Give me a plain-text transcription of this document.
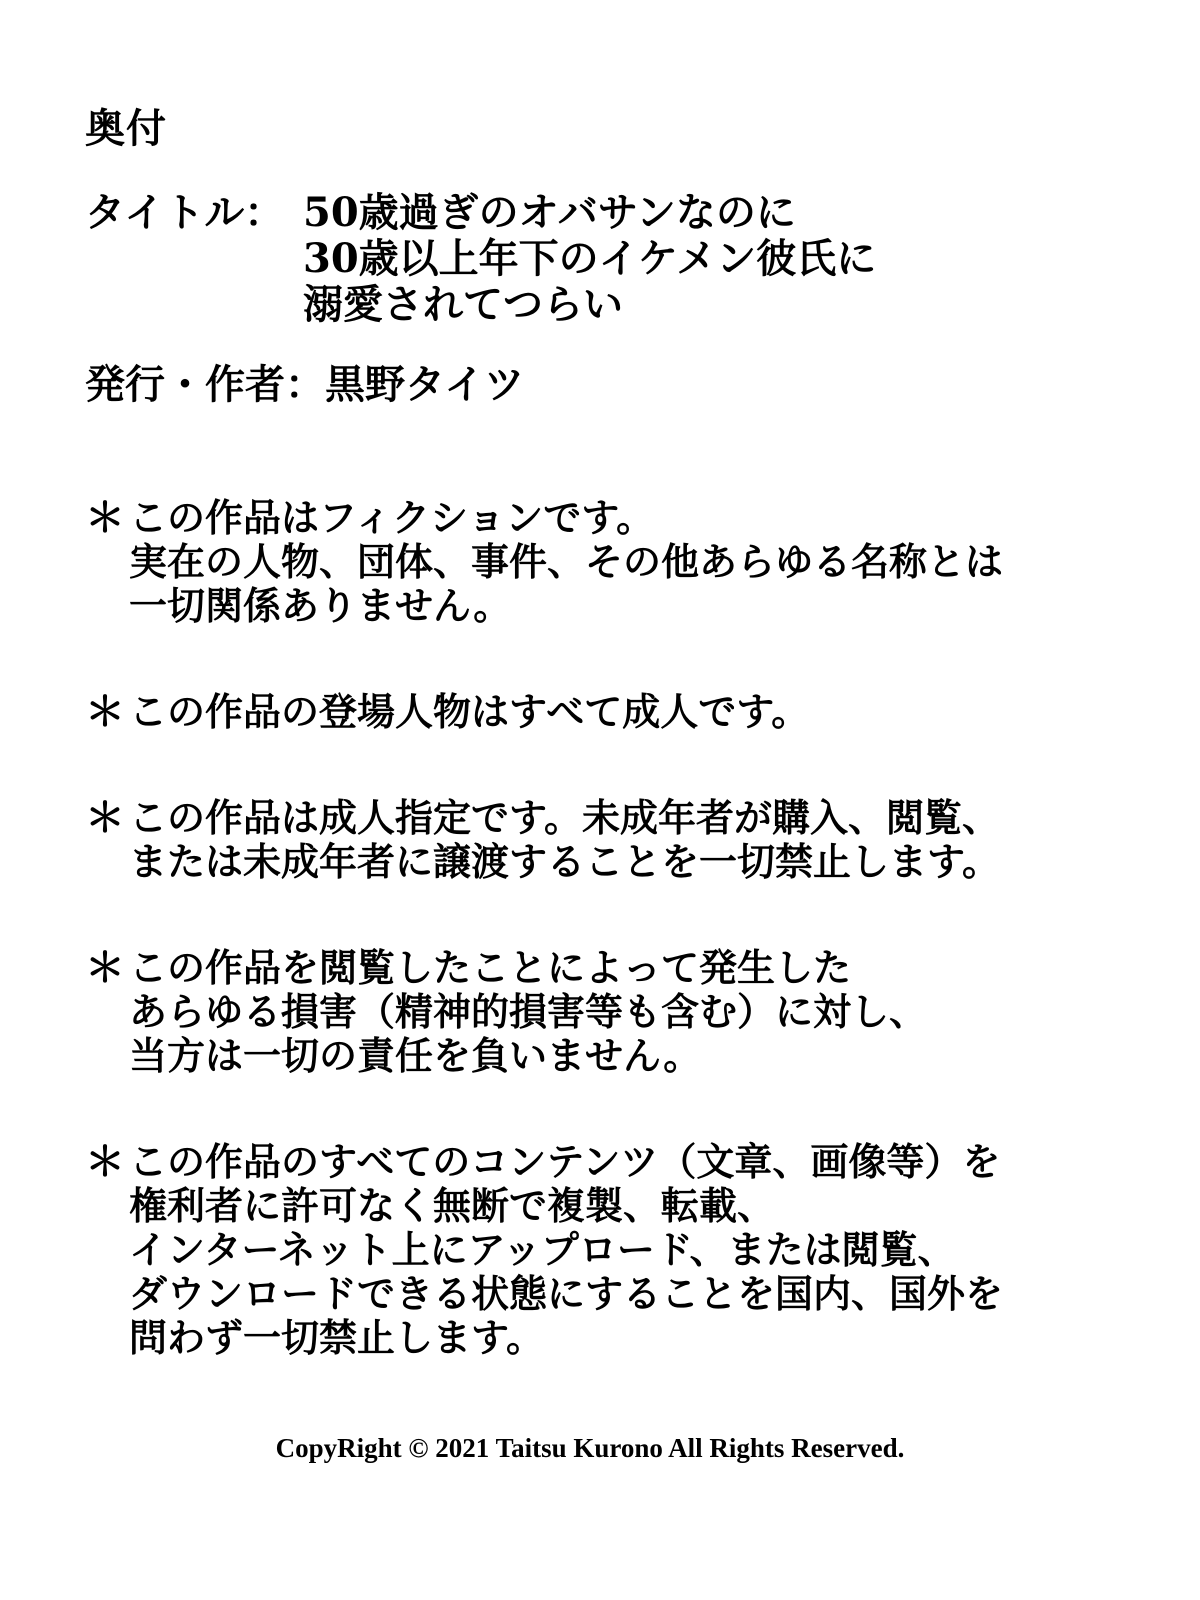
奥付
タイトル： 50歳過ぎのオバサンなのに
30歳以上年下のイケメン彼氏に
溺愛されてつらい
発行・作者：黒野タイツ
＊ この作品はフィクションです。
実在の人物、団体、事件、その他あらゆる名称とは
一切関係ありません。
＊ この作品の登場人物はすべて成人です。
＊ この作品は成人指定です。未成年者が購入、閲覧、
または未成年者に譲渡することを一切禁止します。
＊ この作品を閲覧したことによって発生した
あらゆる損害（精神的損害等も含む）に対し、
当方は一切の責任を負いません。
＊ この作品のすべてのコンテンツ（文章、画像等）を
権利者に許可なく無断で複製、転載、
インターネット上にアップロード、または閲覧、
ダウンロードできる状態にすることを国内、国外を
問わず一切禁止します。
CopyRight © 2021 Taitsu Kurono All Rights Reserved.
